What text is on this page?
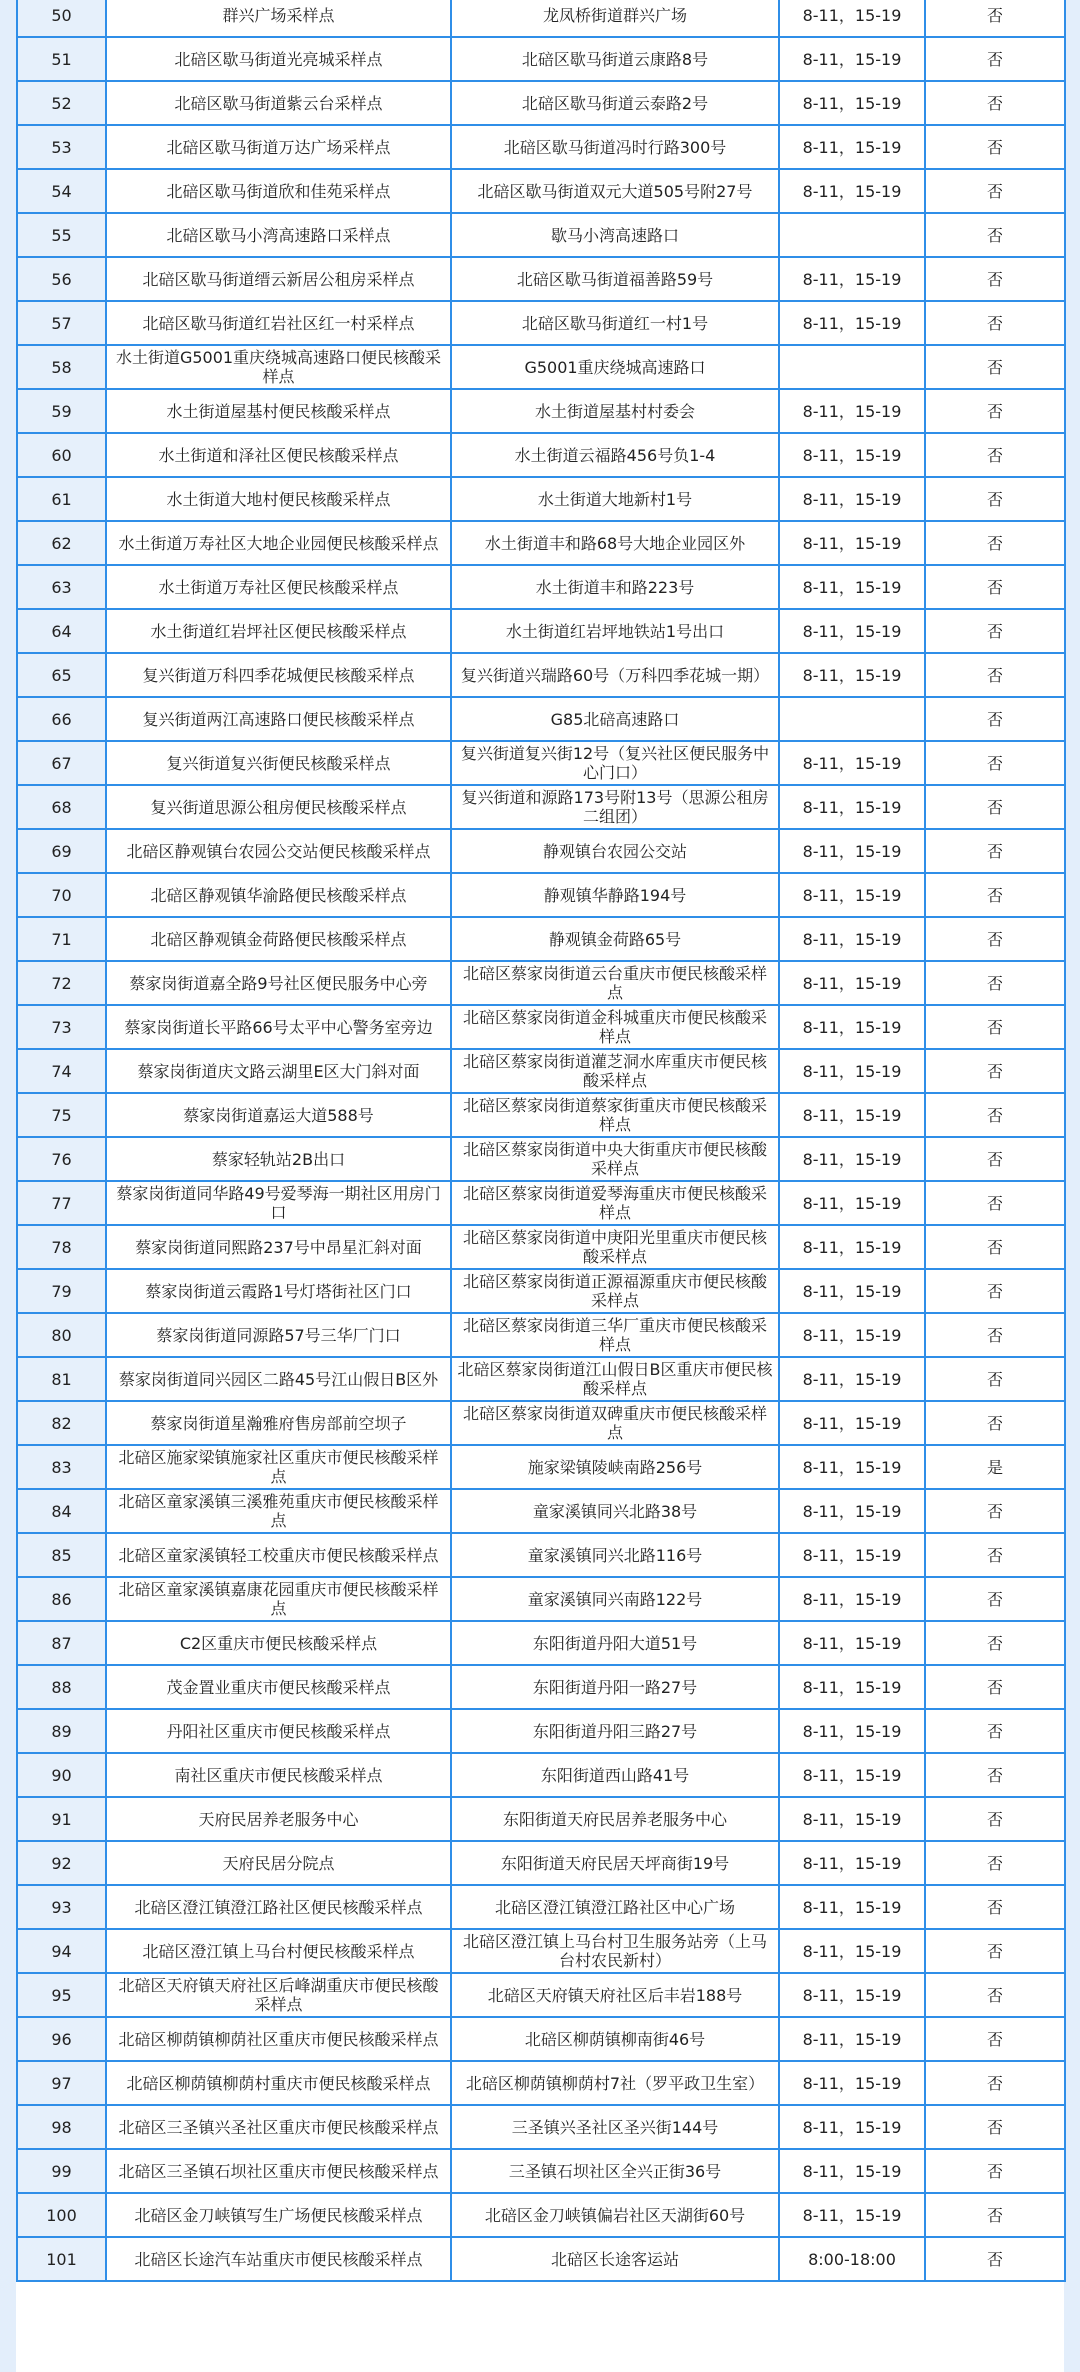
50	群兴广场采样点	龙凤桥街道群兴广场	8-11，15-19	否
51	北碚区歇马街道光亮城采样点	北碚区歇马街道云康路8号	8-11，15-19	否
52	北碚区歇马街道紫云台采样点	北碚区歇马街道云泰路2号	8-11，15-19	否
53	北碚区歇马街道万达广场采样点	北碚区歇马街道冯时行路300号	8-11，15-19	否
54	北碚区歇马街道欣和佳苑采样点	北碚区歇马街道双元大道505号附27号	8-11，15-19	否
55	北碚区歇马小湾高速路口采样点	歇马小湾高速路口		否
56	北碚区歇马街道缙云新居公租房采样点	北碚区歇马街道福善路59号	8-11，15-19	否
57	北碚区歇马街道红岩社区红一村采样点	北碚区歇马街道红一村1号	8-11，15-19	否
58	水土街道G5001重庆绕城高速路口便民核酸采样点	G5001重庆绕城高速路口		否
59	水土街道屋基村便民核酸采样点	水土街道屋基村村委会	8-11，15-19	否
60	水土街道和泽社区便民核酸采样点	水土街道云福路456号负1-4	8-11，15-19	否
61	水土街道大地村便民核酸采样点	水土街道大地新村1号	8-11，15-19	否
62	水土街道万寿社区大地企业园便民核酸采样点	水土街道丰和路68号大地企业园区外	8-11，15-19	否
63	水土街道万寿社区便民核酸采样点	水土街道丰和路223号	8-11，15-19	否
64	水土街道红岩坪社区便民核酸采样点	水土街道红岩坪地铁站1号出口	8-11，15-19	否
65	复兴街道万科四季花城便民核酸采样点	复兴街道兴瑞路60号（万科四季花城一期）	8-11，15-19	否
66	复兴街道两江高速路口便民核酸采样点	G85北碚高速路口		否
67	复兴街道复兴街便民核酸采样点	复兴街道复兴街12号（复兴社区便民服务中心门口）	8-11，15-19	否
68	复兴街道思源公租房便民核酸采样点	复兴街道和源路173号附13号（思源公租房二组团）	8-11，15-19	否
69	北碚区静观镇台农园公交站便民核酸采样点	静观镇台农园公交站	8-11，15-19	否
70	北碚区静观镇华渝路便民核酸采样点	静观镇华静路194号	8-11，15-19	否
71	北碚区静观镇金荷路便民核酸采样点	静观镇金荷路65号	8-11，15-19	否
72	蔡家岗街道嘉全路9号社区便民服务中心旁	北碚区蔡家岗街道云台重庆市便民核酸采样点	8-11，15-19	否
73	蔡家岗街道长平路66号太平中心警务室旁边	北碚区蔡家岗街道金科城重庆市便民核酸采样点	8-11，15-19	否
74	蔡家岗街道庆文路云湖里E区大门斜对面	北碚区蔡家岗街道灌芝洞水库重庆市便民核酸采样点	8-11，15-19	否
75	蔡家岗街道嘉运大道588号	北碚区蔡家岗街道蔡家街重庆市便民核酸采样点	8-11，15-19	否
76	蔡家轻轨站2B出口	北碚区蔡家岗街道中央大街重庆市便民核酸采样点	8-11，15-19	否
77	蔡家岗街道同华路49号爱琴海一期社区用房门口	北碚区蔡家岗街道爱琴海重庆市便民核酸采样点	8-11，15-19	否
78	蔡家岗街道同熙路237号中昂星汇斜对面	北碚区蔡家岗街道中庚阳光里重庆市便民核酸采样点	8-11，15-19	否
79	蔡家岗街道云霞路1号灯塔街社区门口	北碚区蔡家岗街道正源福源重庆市便民核酸采样点	8-11，15-19	否
80	蔡家岗街道同源路57号三华厂门口	北碚区蔡家岗街道三华厂重庆市便民核酸采样点	8-11，15-19	否
81	蔡家岗街道同兴园区二路45号江山假日B区外	北碚区蔡家岗街道江山假日B区重庆市便民核酸采样点	8-11，15-19	否
82	蔡家岗街道星瀚雅府售房部前空坝子	北碚区蔡家岗街道双碑重庆市便民核酸采样点	8-11，15-19	否
83	北碚区施家梁镇施家社区重庆市便民核酸采样点	施家梁镇陵峡南路256号	8-11，15-19	是
84	北碚区童家溪镇三溪雅苑重庆市便民核酸采样点	童家溪镇同兴北路38号	8-11，15-19	否
85	北碚区童家溪镇轻工校重庆市便民核酸采样点	童家溪镇同兴北路116号	8-11，15-19	否
86	北碚区童家溪镇嘉康花园重庆市便民核酸采样点	童家溪镇同兴南路122号	8-11，15-19	否
87	C2区重庆市便民核酸采样点	东阳街道丹阳大道51号	8-11，15-19	否
88	茂金置业重庆市便民核酸采样点	东阳街道丹阳一路27号	8-11，15-19	否
89	丹阳社区重庆市便民核酸采样点	东阳街道丹阳三路27号	8-11，15-19	否
90	南社区重庆市便民核酸采样点	东阳街道西山路41号	8-11，15-19	否
91	天府民居养老服务中心	东阳街道天府民居养老服务中心	8-11，15-19	否
92	天府民居分院点	东阳街道天府民居天坪商街19号	8-11，15-19	否
93	北碚区澄江镇澄江路社区便民核酸采样点	北碚区澄江镇澄江路社区中心广场	8-11，15-19	否
94	北碚区澄江镇上马台村便民核酸采样点	北碚区澄江镇上马台村卫生服务站旁（上马台村农民新村）	8-11，15-19	否
95	北碚区天府镇天府社区后峰湖重庆市便民核酸采样点	北碚区天府镇天府社区后丰岩188号	8-11，15-19	否
96	北碚区柳荫镇柳荫社区重庆市便民核酸采样点	北碚区柳荫镇柳南街46号	8-11，15-19	否
97	北碚区柳荫镇柳荫村重庆市便民核酸采样点	北碚区柳荫镇柳荫村7社（罗平政卫生室）	8-11，15-19	否
98	北碚区三圣镇兴圣社区重庆市便民核酸采样点	三圣镇兴圣社区圣兴街144号	8-11，15-19	否
99	北碚区三圣镇石坝社区重庆市便民核酸采样点	三圣镇石坝社区全兴正街36号	8-11，15-19	否
100	北碚区金刀峡镇写生广场便民核酸采样点	北碚区金刀峡镇偏岩社区天湖街60号	8-11，15-19	否
101	北碚区长途汽车站重庆市便民核酸采样点	北碚区长途客运站	8:00-18:00	否
